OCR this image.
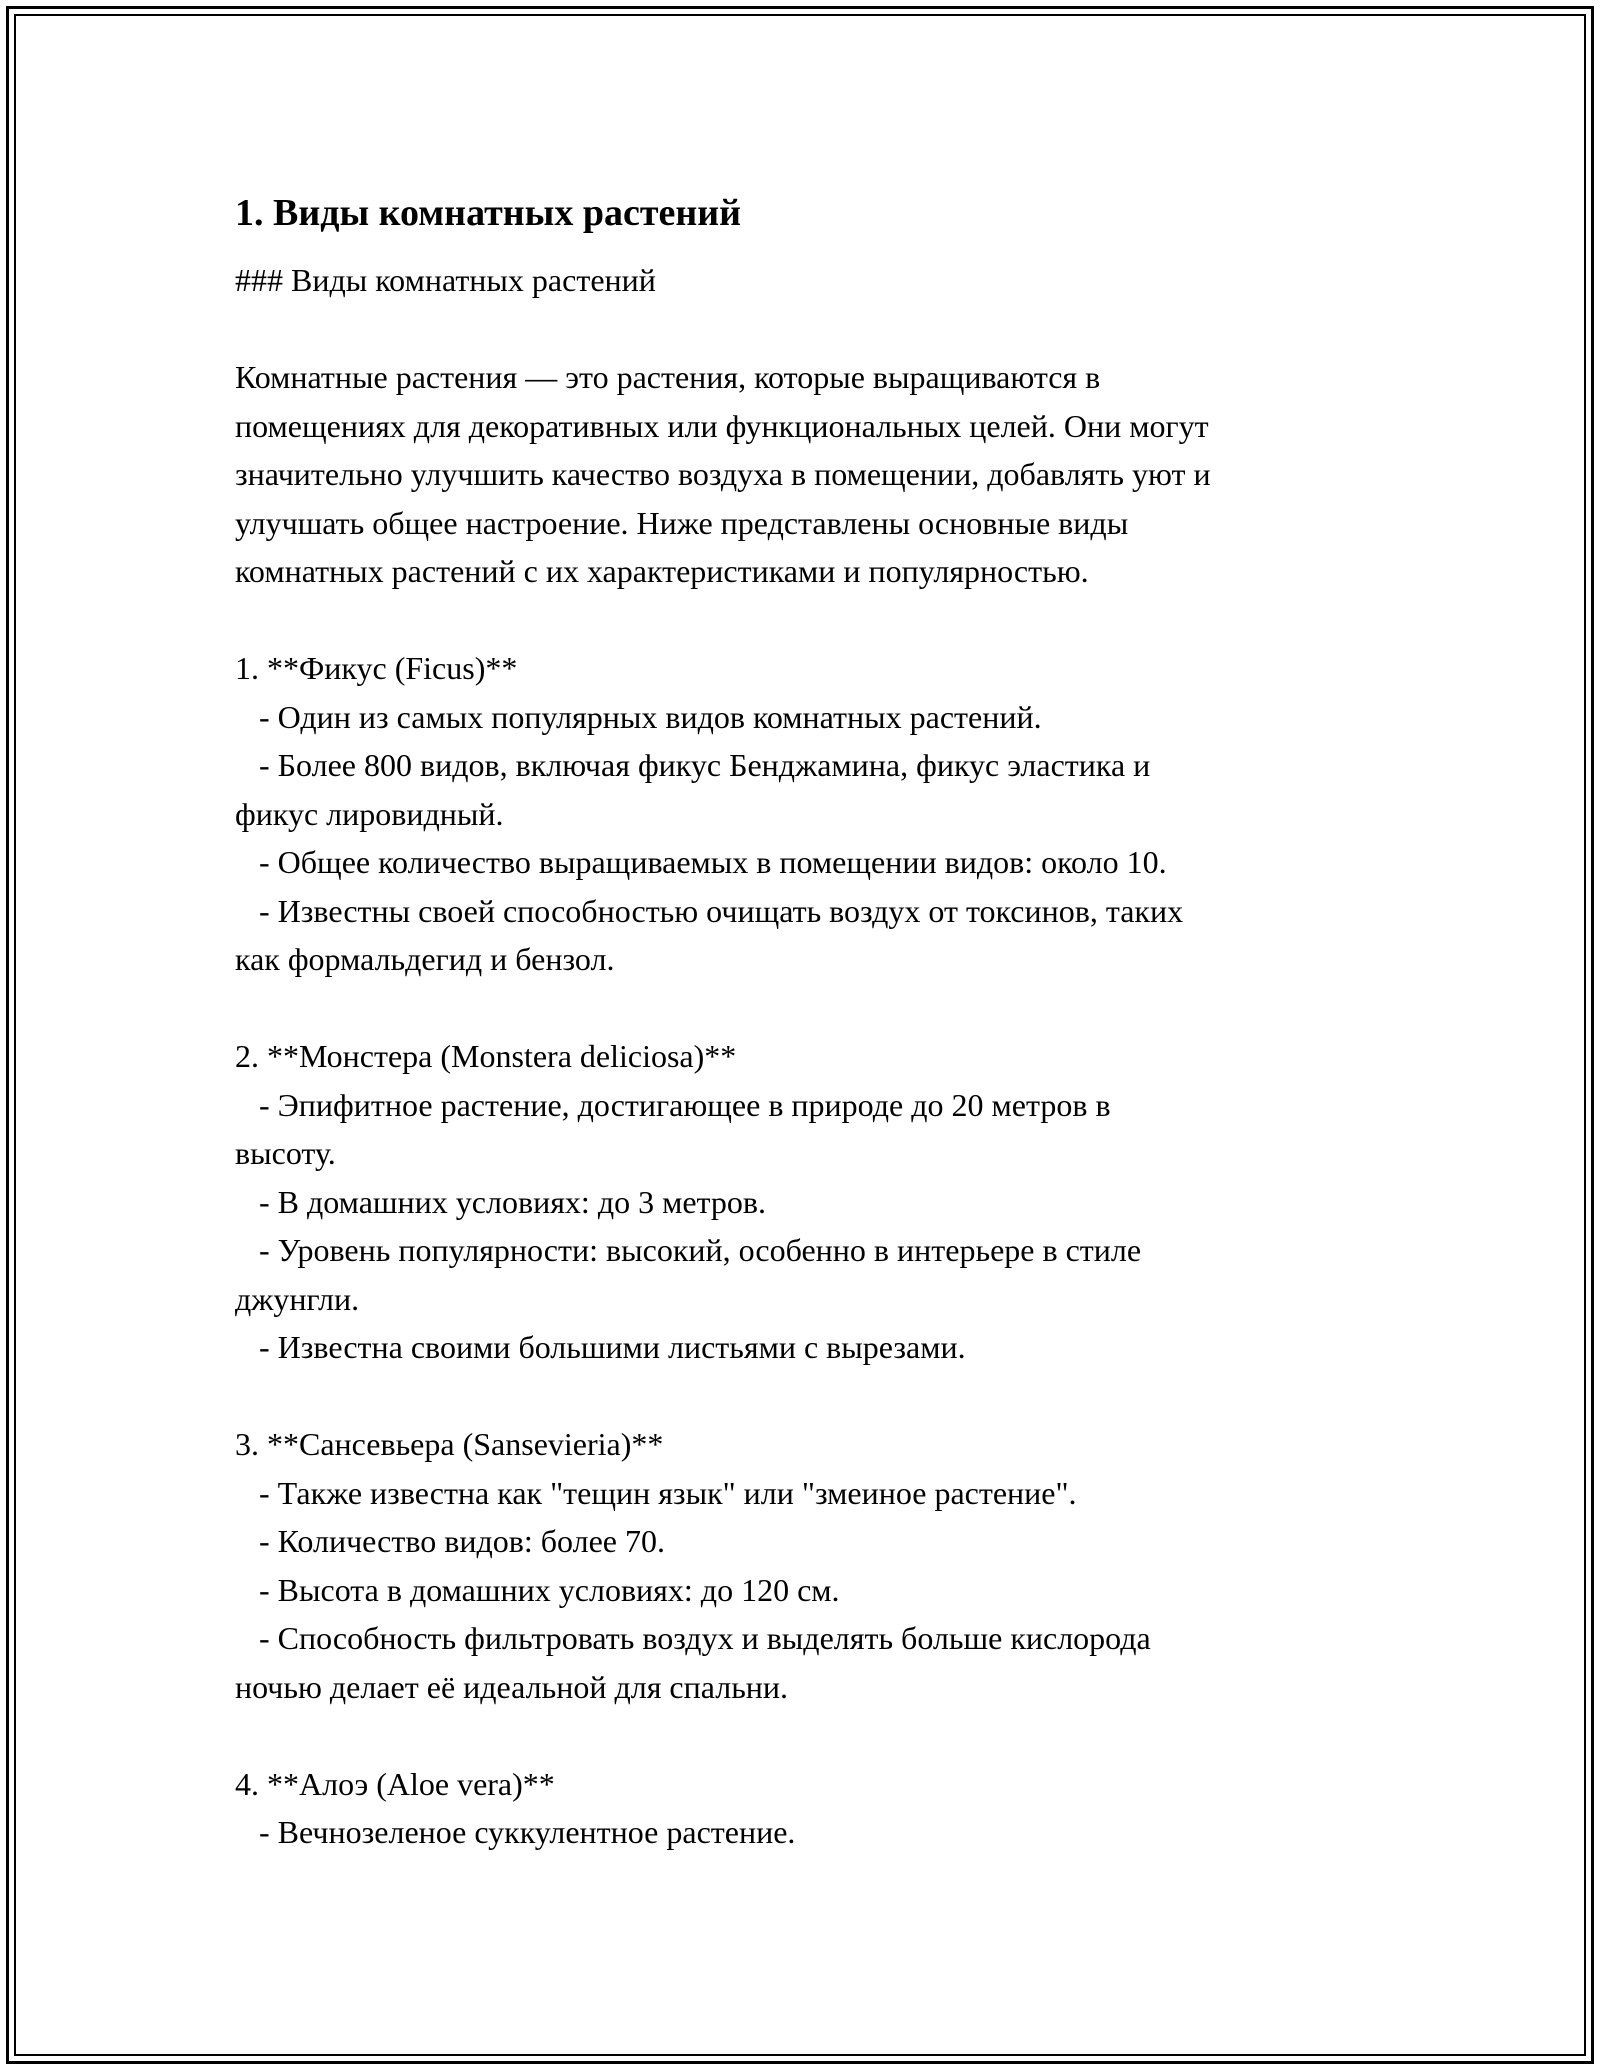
1. Виды комнатных растений
### Виды комнатных растений
Комнатные растения — это растения, которые выращиваются в
помещениях для декоративных или функциональных целей. Они могут
значительно улучшить качество воздуха в помещении, добавлять уют и
улучшать общее настроение. Ниже представлены основные виды
комнатных растений с их характеристиками и популярностью.
1. **Фикус (Ficus)**
- Один из самых популярных видов комнатных растений.
- Более 800 видов, включая фикус Бенджамина, фикус эластика и
фикус лировидный.
- Общее количество выращиваемых в помещении видов: около 10.
- Известны своей способностью очищать воздух от токсинов, таких
как формальдегид и бензол.
2. **Монстера (Monstera deliciosa)**
- Эпифитное растение, достигающее в природе до 20 метров в
высоту.
- В домашних условиях: до 3 метров.
- Уровень популярности: высокий, особенно в интерьере в стиле
джунгли.
- Известна своими большими листьями с вырезами.
3. **Сансевьера (Sansevieria)**
- Также известна как "тещин язык" или "змеиное растение".
- Количество видов: более 70.
- Высота в домашних условиях: до 120 см.
- Способность фильтровать воздух и выделять больше кислорода
ночью делает её идеальной для спальни.
4. **Алоэ (Aloe vera)**
- Вечнозеленое суккулентное растение.
